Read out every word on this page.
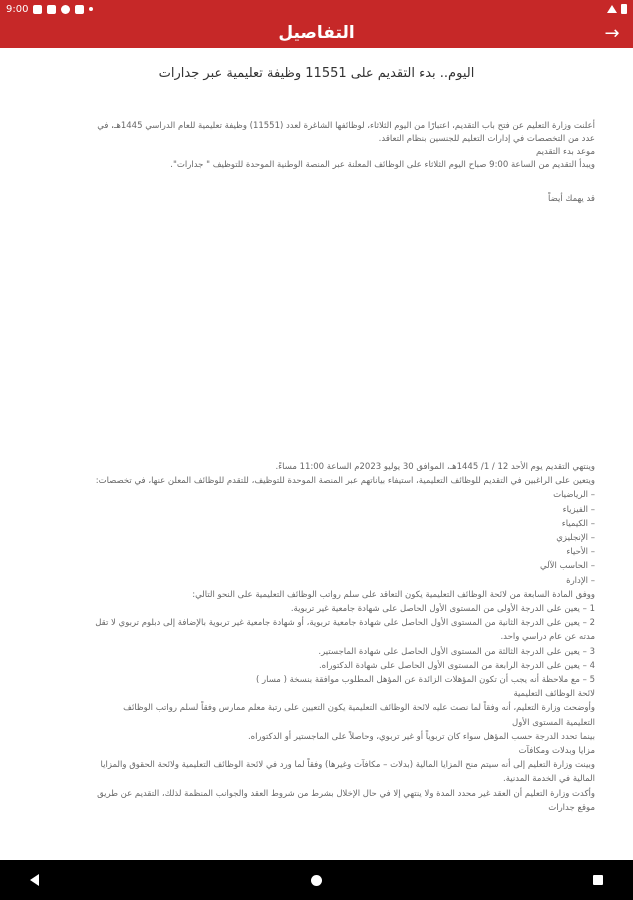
9:00
التفاصيل	→
اليوم.. بدء التقديم على 11551 وظيفة تعليمية عبر جدارات
أعلنت وزارة التعليم عن فتح باب التقديم، اعتبارًا من اليوم الثلاثاء، لوظائفها الشاغرة لعدد (11551) وظيفة تعليمية للعام الدراسي 1445هـ، في
عدد من التخصصات في إدارات التعليم للجنسين بنظام التعاقد.
موعد بدء التقديم
ويبدأ التقديم من الساعة 9:00 صباح اليوم الثلاثاء على الوظائف المعلنة عبر المنصة الوطنية الموحدة للتوظيف " جدارات".
قد يهمك أيضاً
وينتهي التقديم يوم الأحد 12 / 1/ 1445هـ، الموافق 30 يوليو 2023م الساعة 11:00 مساءً.
ويتعين على الراغبين في التقديم للوظائف التعليمية، استيفاء بياناتهم عبر المنصة الموحدة للتوظيف، للتقدم للوظائف المعلن عنها، في تخصصات:
– الرياضيات
– الفيزياء
– الكيمياء
– الإنجليزي
– الأحياء
– الحاسب الآلي
– الإدارة
ووفق المادة السابعة من لائحة الوظائف التعليمية يكون التعاقد على سلم رواتب الوظائف التعليمية على النحو التالي:
1 – يعين على الدرجة الأولى من المستوى الأول الحاصل على شهادة جامعية غير تربوية.
2 – يعين على الدرجة الثانية من المستوى الأول الحاصل على شهادة جامعية تربوية، أو شهادة جامعية غير تربوية بالإضافة إلى دبلوم تربوي لا تقل
مدته عن عام دراسي واحد.
3 – يعين على الدرجة الثالثة من المستوى الأول الحاصل على شهادة الماجستير.
4 – يعين على الدرجة الرابعة من المستوى الأول الحاصل على شهادة الدكتوراه.
5 – مع ملاحظة أنه يجب أن تكون المؤهلات الزائدة عن المؤهل المطلوب موافقة بنسخة ( مسار )
لائحة الوظائف التعليمية
وأوضحت وزارة التعليم، أنه وفقاً لما نصت عليه لائحة الوظائف التعليمية يكون التعيين على رتبة معلم ممارس وفقاً لسلم رواتب الوظائف
التعليمية المستوى الأول
بينما تحدد الدرجة حسب المؤهل سواء كان تربوياً أو غير تربوي، وحاصلاً على الماجستير أو الدكتوراه.
مزايا وبدلات ومكافآت
وبينت وزارة التعليم إلى أنه سيتم منح المزايا المالية (بدلات – مكافآت وغيرها) وفقاً لما ورد في لائحة الوظائف التعليمية ولائحة الحقوق والمزايا
المالية في الخدمة المدنية.
وأكدت وزارة التعليم أن العقد غير محدد المدة ولا ينتهي إلا في حال الإخلال بشرط من شروط العقد والجوانب المنظمة لذلك، التقديم عن طريق
موقع جدارات
